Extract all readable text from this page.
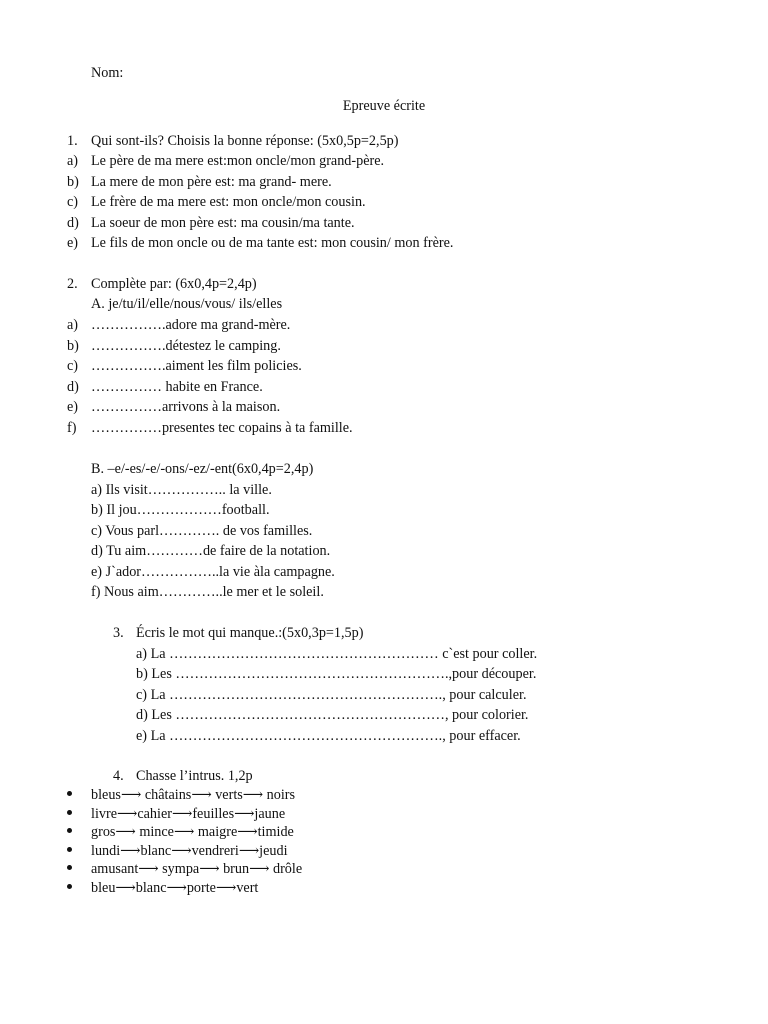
Nom:
Epreuve écrite
1. Qui sont-ils? Choisis la bonne réponse: (5x0,5p=2,5p)
a) Le père de ma mere est:mon oncle/mon grand-père.
b) La mere de mon père est: ma grand- mere.
c) Le frère de ma mere est: mon oncle/mon cousin.
d) La soeur de mon père est: ma cousin/ma tante.
e) Le fils de mon oncle ou de ma tante est: mon cousin/ mon frère.
2. Complète par: (6x0,4p=2,4p)
A. je/tu/il/elle/nous/vous/ ils/elles
a) …………….adore ma grand-mère.
b) …………….détestez le camping.
c) …………….aiment les film policies.
d) …………… habite en France.
e) ……………arrivons à la maison.
f) ……………presentes tec copains à ta famille.
B. –e/-es/-e/-ons/-ez/-ent(6x0,4p=2,4p)
a) Ils visit…………….. la ville.
b) Il jou………………football.
c) Vous parl…………. de vos familles.
d) Tu aim…………de faire de la notation.
e) J`ador……………..la vie àla campagne.
f) Nous aim…………..le mer et le soleil.
3. Écris le mot qui manque.:(5x0,3p=1,5p)
a) La ………………………………………………… c`est pour coller.
b) Les ………………………………………………….,pour découper.
c) La …………………………………………………., pour calculer.
d) Les …………………………………………………, pour colorier.
e) La …………………………………………………., pour effacer.
4. Chasse l’intrus. 1,2p
bleus⟶ châtains⟶ verts⟶ noirs
livre⟶cahier⟶feuilles⟶jaune
gros⟶ mince⟶ maigre⟶timide
lundi⟶blanc⟶vendreri⟶jeudi
amusant⟶ sympa⟶ brun⟶ drôle
bleu⟶blanc⟶porte⟶vert
